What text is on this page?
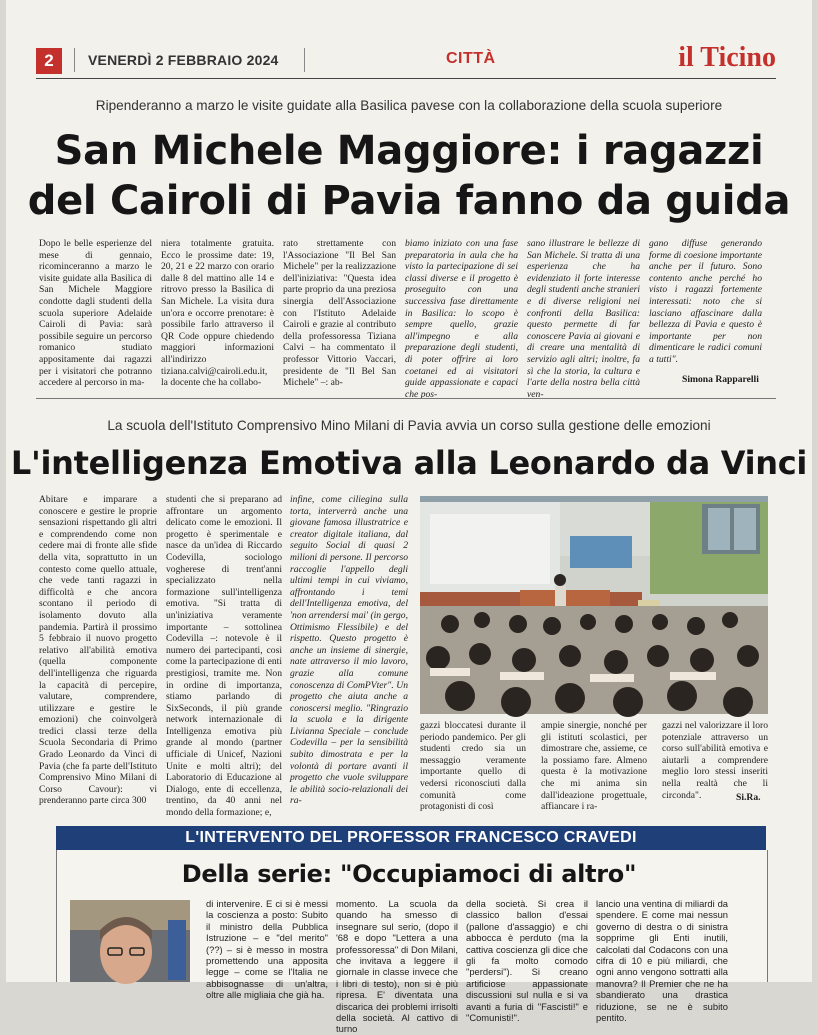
2	VENERDÌ 2 FEBBRAIO 2024	CITTÀ	il Ticino
Ripenderanno a marzo le visite guidate alla Basilica pavese con la collaborazione della scuola superiore
San Michele Maggiore: i ragazzi
del Cairoli di Pavia fanno da guida
Dopo le belle esperienze del mese di gennaio, ricominceranno a marzo le visite guidate alla Basilica di San Michele Maggiore condotte dagli studenti della scuola superiore Adelaide Cairoli di Pavia: sarà possibile seguire un percorso romanico studiato appositamente dai ragazzi per i visitatori che potranno accedere al percorso in ma-
niera totalmente gratuita. Ecco le prossime date: 19, 20, 21 e 22 marzo con orario dalle 8 del mattino alle 14 e ritrovo presso la Basilica di San Michele. La visita dura un'ora e occorre prenotare: è possibile farlo attraverso il QR Code oppure chiedendo maggiori informazioni all'indirizzo tiziana.calvi@cairoli.edu.it, la docente che ha collabo-
rato strettamente con l'Associazione "Il Bel San Michele" per la realizzazione dell'iniziativa: "Questa idea parte proprio da una preziosa sinergia dell'Associazione con l'Istituto Adelaide Cairoli e grazie al contributo della professoressa Tiziana Calvi – ha commentato il professor Vittorio Vaccari, presidente de "Il Bel San Michele" –: ab-
biamo iniziato con una fase preparatoria in aula che ha visto la partecipazione di sei classi diverse e il progetto è proseguito con una successiva fase direttamente in Basilica: lo scopo è sempre quello, grazie all'impegno e alla preparazione degli studenti, di poter offrire ai loro coetanei ed ai visitatori guide appassionate e capaci che pos-
sano illustrare le bellezze di San Michele. Si tratta di una esperienza che ha evidenziato il forte interesse degli studenti anche stranieri e di diverse religioni nei confronti della Basilica: questo permette di far conoscere Pavia ai giovani e di creare una mentalità di servizio agli altri; inoltre, fa sì che la storia, la cultura e l'arte della nostra bella città ven-
gano diffuse generando forme di coesione importante anche per il futuro. Sono contento anche perché ho visto i ragazzi fortemente interessati: noto che si lasciano affascinare dalla bellezza di Pavia e questo è importante per non dimenticare le radici comuni a tutti".
Simona Rapparelli
La scuola dell'Istituto Comprensivo Mino Milani di Pavia avvia un corso sulla gestione delle emozioni
L'intelligenza Emotiva alla Leonardo da Vinci
Abitare e imparare a conoscere e gestire le proprie sensazioni rispettando gli altri e comprendendo come non cedere mai di fronte alle sfide della vita, soprattutto in un contesto come quello attuale, che vede tanti ragazzi in difficoltà e che ancora scontano il periodo di isolamento dovuto alla pandemia. Partirà il prossimo 5 febbraio il nuovo progetto relativo all'abilità emotiva (quella componente dell'intelligenza che riguarda la capacità di percepire, valutare, comprendere, utilizzare e gestire le emozioni) che coinvolgerà tredici classi terze della Scuola Secondaria di Primo Grado Leonardo da Vinci di Pavia (che fa parte dell'Istituto Comprensivo Mino Milani di Corso Cavour): vi prenderanno parte circa 300
studenti che si preparano ad affrontare un argomento delicato come le emozioni. Il progetto è sperimentale e nasce da un'idea di Riccardo Codevilla, sociologo vogherese di trent'anni specializzato nella formazione sull'intelligenza emotiva. "Si tratta di un'iniziativa veramente importante – sottolinea Codevilla –: notevole è il numero dei partecipanti, così come la partecipazione di enti prestigiosi, tramite me. Non in ordine di importanza, stiamo parlando di SixSeconds, il più grande network internazionale di Intelligenza emotiva più grande al mondo (partner ufficiale di Unicef, Nazioni Unite e molti altri); del Laboratorio di Educazione al Dialogo, ente di eccellenza, trentino, da 40 anni nel mondo della formazione; e,
infine, come ciliegina sulla torta, interverrà anche una giovane famosa illustratrice e creator digitale italiana, dal seguito Social di quasi 2 milioni di persone. Il percorso raccoglie l'appello degli ultimi tempi in cui viviamo, affrontando i temi dell'Intelligenza emotiva, del 'non arrendersi mai' (in gergo, Ottimismo Flessibile) e del rispetto. Questo progetto è anche un insieme di sinergie, nate attraverso il mio lavoro, grazie alla comune conoscenza di ComPVter". Un progetto che aiuta anche a conoscersi meglio. "Ringrazio la scuola e la dirigente Livianna Speciale – conclude Codevilla – per la sensibilità subito dimostrata e per la volontà di portare avanti il progetto che vuole sviluppare le abilità socio-relazionali dei ra-
gazzi bloccatesi durante il periodo pandemico. Per gli studenti credo sia un messaggio veramente importante quello di vedersi riconosciuti dalla comunità come protagonisti di così
ampie sinergie, nonché per gli istituti scolastici, per dimostrare che, assieme, ce la possiamo fare. Almeno questa è la motivazione che mi anima sin dall'ideazione progettuale, affiancare i ra-
gazzi nel valorizzare il loro potenziale attraverso un corso sull'abilità emotiva e aiutarli a comprendere meglio loro stessi inseriti nella realtà che li circonda".	Si.Ra.
L'INTERVENTO DEL PROFESSOR FRANCESCO CRAVEDI
Della serie: "Occupiamoci di altro"
di intervenire. E ci si è messi la coscienza a posto: Subito il ministro della Pubblica Istruzione – e "del merito" (??) – si è messo in mostra promettendo una apposita legge – come se l'Italia ne abbisognasse di un'altra, oltre alle migliaia che già ha.
momento. La scuola da quando ha smesso di insegnare sul serio, (dopo il '68 e dopo "Lettera a una professoressa" di Don Milani, che invitava a leggere il giornale in classe invece che i libri di testo), non si è più ripresa. E' diventata una discarica dei problemi irrisolti della società. Al cattivo di turno
della società. Si crea il classico ballon d'essai (pallone d'assaggio) e chi abbocca è perduto (ma la cattiva coscienza gli dice che gli fa molto comodo "perdersi"). Si creano artificiose appassionate discussioni sul nulla e si va avanti a furia di "Fascisti!" e "Comunisti!".
lancio una ventina di miliardi da spendere. E come mai nessun governo di destra o di sinistra sopprime gli Enti inutili, calcolati dal Codacons con una cifra di 10 e più miliardi, che ogni anno vengono sottratti alla manovra? Il Premier che ne ha sbandierato una drastica riduzione, se ne è subito pentito.
